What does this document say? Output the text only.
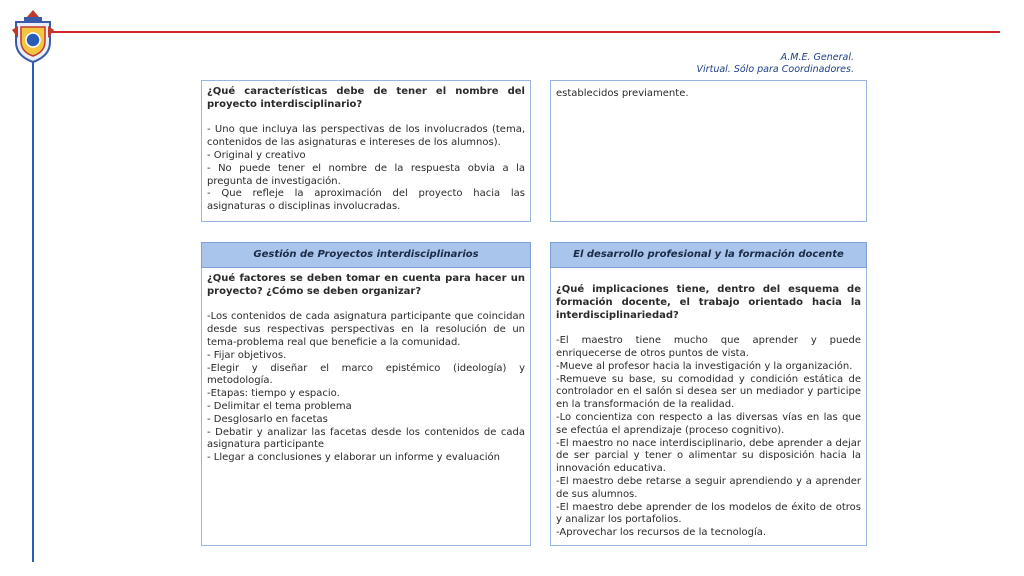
A.M.E. General.
Virtual. Sólo para Coordinadores.

¿Qué características debe de tener el nombre del proyecto interdisciplinario?

- Uno que incluya las perspectivas de los involucrados (tema, contenidos de las asignaturas e intereses de los alumnos).

- Original y creativo

- No puede tener el nombre de la respuesta obvia a la pregunta de investigación.

- Que refleje la aproximación del proyecto hacia las asignaturas o disciplinas involucradas.

establecidos previamente.

Gestión de Proyectos interdisciplinarios

¿Qué factores se deben tomar en cuenta para hacer un proyecto? ¿Cómo se deben organizar?

-Los contenidos de cada asignatura participante que coincidan desde sus respectivas perspectivas en la resolución de un tema-problema real que beneficie a la comunidad.

- Fijar objetivos.

-Elegir y diseñar el marco epistémico (ideología) y metodología.

-Etapas: tiempo y espacio.

- Delimitar el tema problema

- Desglosarlo en facetas

- Debatir y analizar las facetas desde los contenidos de cada asignatura participante

- Llegar a conclusiones y elaborar un informe y evaluación

El desarrollo profesional y la formación docente

¿Qué implicaciones tiene, dentro del esquema de formación docente, el trabajo orientado hacia la interdisciplinariedad?

-El maestro tiene mucho que aprender y puede enriquecerse de otros puntos de vista.

-Mueve al profesor hacia la investigación y la organización.

-Remueve su base, su comodidad y condición estática de controlador en el salón si desea ser un mediador y participe en la transformación de la realidad.

-Lo concientiza con respecto a las diversas vías en las que se efectúa el aprendizaje (proceso cognitivo).

-El maestro no nace interdisciplinario, debe aprender a dejar de ser parcial y tener o alimentar su disposición hacia la innovación educativa.

-El maestro debe retarse a seguir aprendiendo y a aprender de sus alumnos.

-El maestro debe aprender de los modelos de éxito de otros y analizar los portafolios.

-Aprovechar los recursos de la tecnología.
